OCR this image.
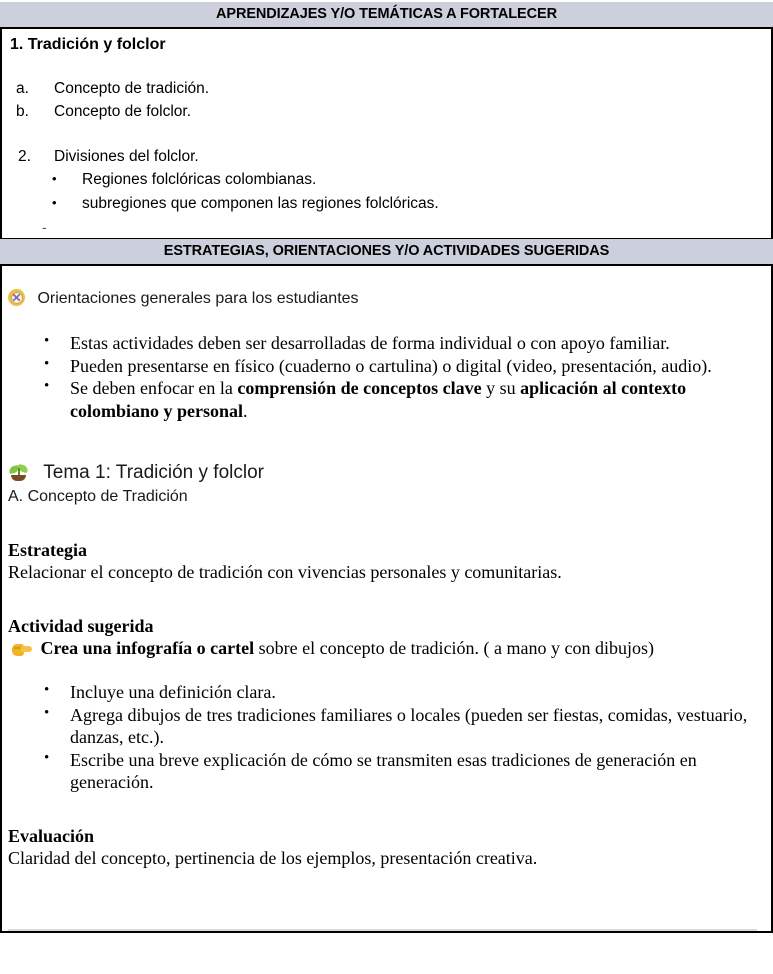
APRENDIZAJES Y/O TEMÁTICAS A FORTALECER
1. Tradición y folclor
a. Concepto de tradición.
b. Concepto de folclor.
2. Divisiones del folclor.
• Regiones folclóricas colombianas.
• subregiones que componen las regiones folclóricas.
-
ESTRATEGIAS, ORIENTACIONES Y/O ACTIVIDADES SUGERIDAS
Orientaciones generales para los estudiantes
• Estas actividades deben ser desarrolladas de forma individual o con apoyo familiar.
• Pueden presentarse en físico (cuaderno o cartulina) o digital (video, presentación, audio).
• Se deben enfocar en la comprensión de conceptos clave y su aplicación al contexto colombiano y personal.
Tema 1: Tradición y folclor
A. Concepto de Tradición
Estrategia
Relacionar el concepto de tradición con vivencias personales y comunitarias.
Actividad sugerida
Crea una infografía o cartel sobre el concepto de tradición. ( a mano y con dibujos)
• Incluye una definición clara.
• Agrega dibujos de tres tradiciones familiares o locales (pueden ser fiestas, comidas, vestuario, danzas, etc.).
• Escribe una breve explicación de cómo se transmiten esas tradiciones de generación en generación.
Evaluación
Claridad del concepto, pertinencia de los ejemplos, presentación creativa.
